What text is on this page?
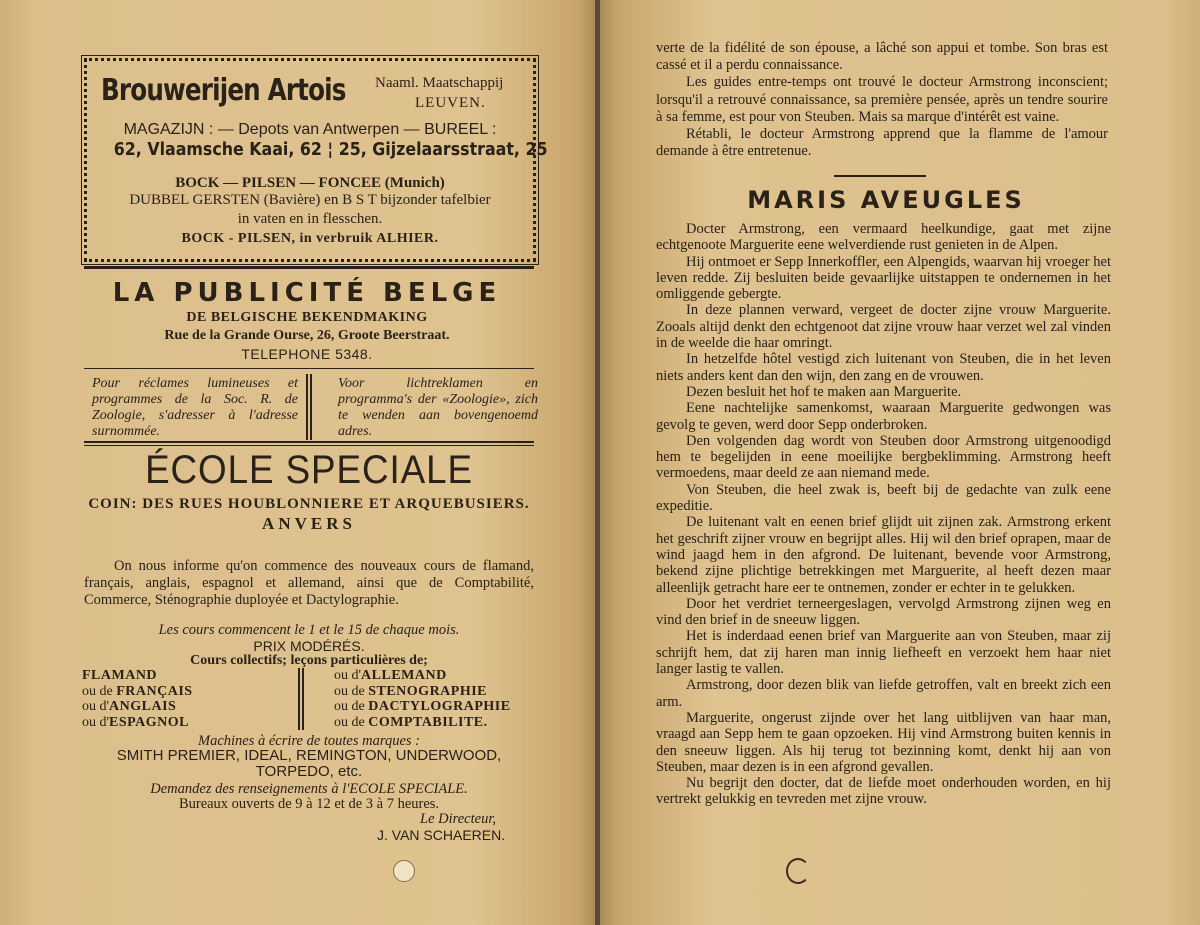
Brouwerijen Artois Naaml. Maatschappij
LEUVEN.
MAGAZIJN : — Depots van Antwerpen — BUREEL :
62, Vlaamsche Kaai, 62 ¦ 25, Gijzelaarsstraat, 25
BOCK — PILSEN — FONCEE (Munich)
DUBBEL GERSTEN (Bavière) en B S T bijzonder tafelbier
in vaten en in flesschen.
BOCK - PILSEN, in verbruik ALHIER.
LA PUBLICITÉ BELGE
DE BELGISCHE BEKENDMAKING
Rue de la Grande Ourse, 26, Groote Beerstraat.
TELEPHONE 5348.
Pour réclames lumineuses et programmes de la Soc. R. de Zoologie, s'adresser à l'adresse surnommée.
Voor lichtreklamen en programma's der «Zoologie», zich te wenden aan bovengenoemd adres.
ÉCOLE SPECIALE
COIN: DES RUES HOUBLONNIERE ET ARQUEBUSIERS.
ANVERS

On nous informe qu'on commence des nouveaux cours de flamand, français, anglais, espagnol et allemand, ainsi que de Comptabilité, Commerce, Sténographie duployée et Dactylographie.

Les cours commencent le 1 et le 15 de chaque mois.
PRIX MODÉRÉS.
Cours collectifs; leçons particulières de;
FLAMAND
ou de FRANÇAIS
ou d'ANGLAIS
ou d'ESPAGNOL
ou d'ALLEMAND
ou de STENOGRAPHIE
ou de DACTYLOGRAPHIE
ou de COMPTABILITE.
Machines à écrire de toutes marques :
SMITH PREMIER, IDEAL, REMINGTON, UNDERWOOD,
TORPEDO, etc.
Demandez des renseignements à l'ECOLE SPECIALE.
Bureaux ouverts de 9 à 12 et de 3 à 7 heures.
Le Directeur,
J. VAN SCHAEREN.

verte de la fidélité de son épouse, a lâché son appui et tombe. Son bras est cassé et il a perdu connaissance.

Les guides entre-temps ont trouvé le docteur Armstrong inconscient; lorsqu'il a retrouvé connaissance, sa première pensée, après un tendre sourire à sa femme, est pour von Steuben. Mais sa marque d'intérêt est vaine.

Rétabli, le docteur Armstrong apprend que la flamme de l'amour demande à être entretenue.

MARIS AVEUGLES

Docter Armstrong, een vermaard heelkundige, gaat met zijne echtgenoote Marguerite eene welverdiende rust genieten in de Alpen.

Hij ontmoet er Sepp Innerkoffler, een Alpengids, waarvan hij vroeger het leven redde. Zij besluiten beide gevaarlijke uitstappen te ondernemen in het omliggende gebergte.

In deze plannen verward, vergeet de docter zijne vrouw Marguerite. Zooals altijd denkt den echtgenoot dat zijne vrouw haar verzet wel zal vinden in de weelde die haar omringt.

In hetzelfde hôtel vestigd zich luitenant von Steuben, die in het leven niets anders kent dan den wijn, den zang en de vrouwen.

Dezen besluit het hof te maken aan Marguerite.

Eene nachtelijke samenkomst, waaraan Marguerite gedwongen was gevolg te geven, werd door Sepp onderbroken.

Den volgenden dag wordt von Steuben door Armstrong uitgenoodigd hem te begelijden in eene moeilijke bergbeklimming. Armstrong heeft vermoedens, maar deeld ze aan niemand mede.

Von Steuben, die heel zwak is, beeft bij de gedachte van zulk eene expeditie.

De luitenant valt en eenen brief glijdt uit zijnen zak. Armstrong erkent het geschrift zijner vrouw en begrijpt alles. Hij wil den brief oprapen, maar de wind jaagd hem in den afgrond. De luitenant, bevende voor Armstrong, bekend zijne plichtige betrekkingen met Marguerite, al heeft dezen maar alleenlijk getracht hare eer te ontnemen, zonder er echter in te gelukken.

Door het verdriet terneergeslagen, vervolgd Armstrong zijnen weg en vind den brief in de sneeuw liggen.

Het is inderdaad eenen brief van Marguerite aan von Steuben, maar zij schrijft hem, dat zij haren man innig liefheeft en verzoekt hem haar niet langer lastig te vallen.

Armstrong, door dezen blik van liefde getroffen, valt en breekt zich een arm.

Marguerite, ongerust zijnde over het lang uitblijven van haar man, vraagd aan Sepp hem te gaan opzoeken. Hij vind Armstrong buiten kennis in den sneeuw liggen. Als hij terug tot bezinning komt, denkt hij aan von Steuben, maar dezen is in een afgrond gevallen.

Nu begrijt den docter, dat de liefde moet onderhouden worden, en hij vertrekt gelukkig en tevreden met zijne vrouw.
